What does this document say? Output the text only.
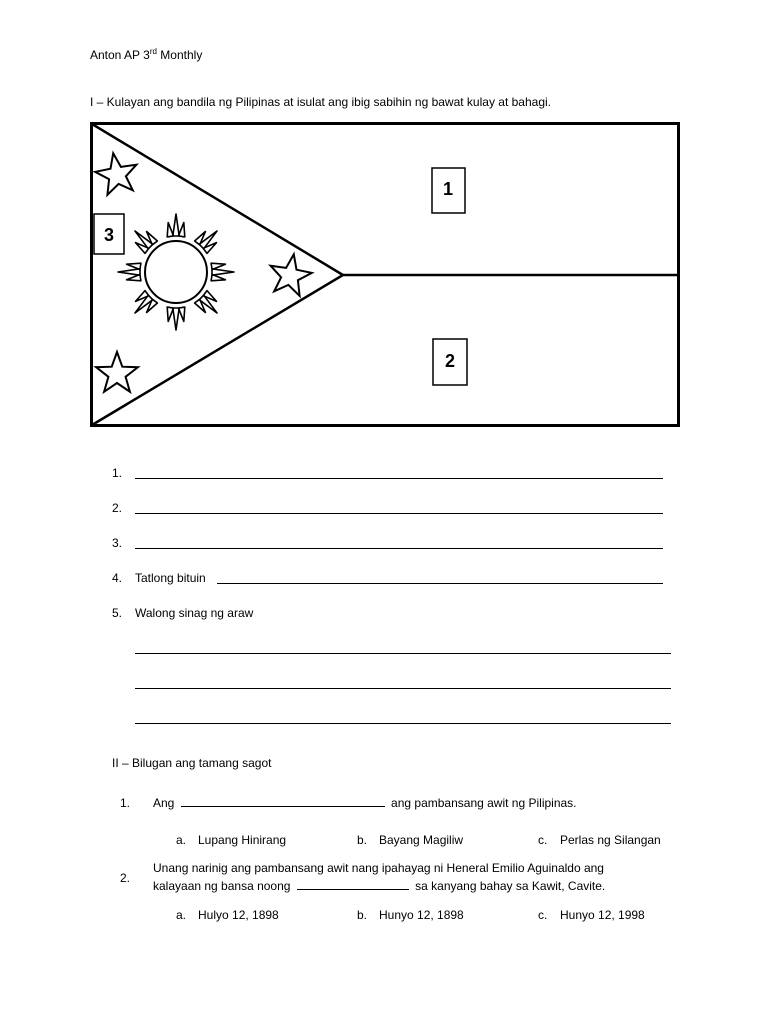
Anton AP 3rd Monthly
I – Kulayan ang bandila ng Pilipinas at isulat ang ibig sabihin ng bawat kulay at bahagi.
1
2
3
1.
2.
3.
4. Tatlong bituin
5. Walong sinag ng araw
II – Bilugan ang tamang sagot
1. Ang	ang pambansang awit ng Pilipinas.
a. Lupang Hinirang	b. Bayang Magiliw	c. Perlas ng Silangan
2.
Unang narinig ang pambansang awit nang ipahayag ni Heneral Emilio Aguinaldo ang
kalayaan ng bansa noong	sa kanyang bahay sa Kawit, Cavite.
a. Hulyo 12, 1898	b. Hunyo 12, 1898	c. Hunyo 12, 1998
